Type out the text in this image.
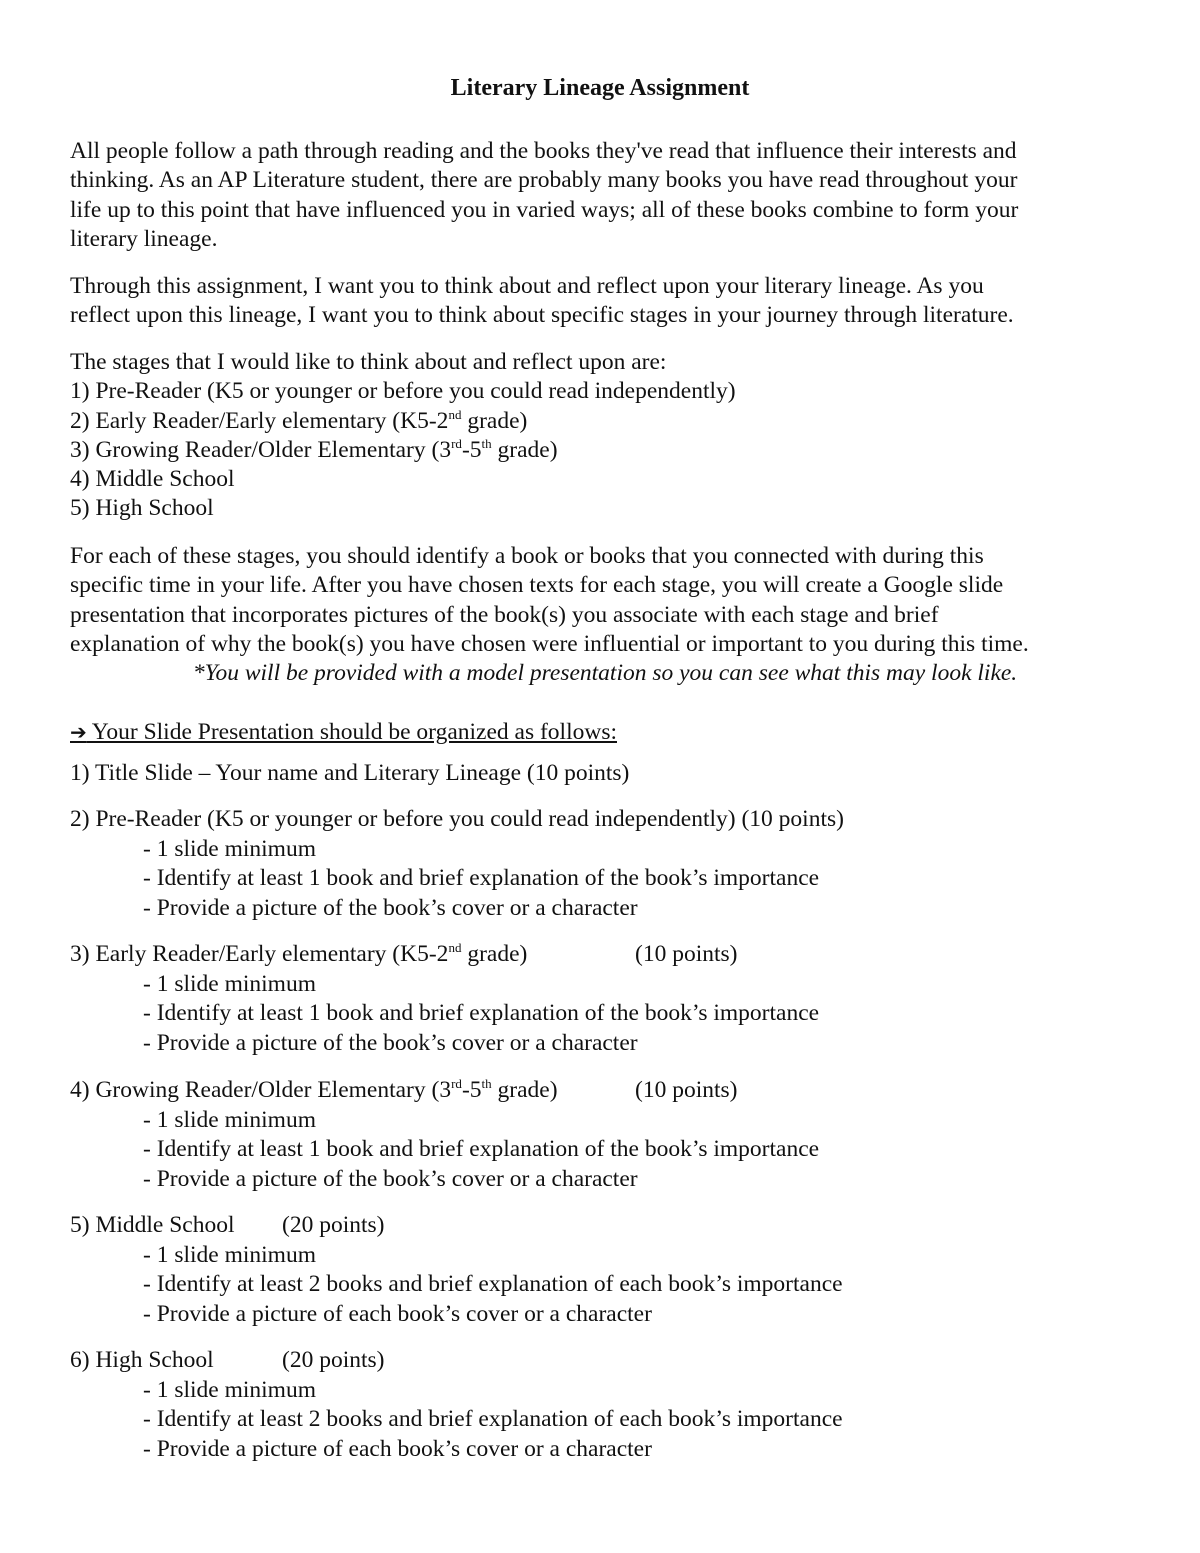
Literary Lineage Assignment
All people follow a path through reading and the books they've read that influence their interests and
thinking. As an AP Literature student, there are probably many books you have read throughout your
life up to this point that have influenced you in varied ways; all of these books combine to form your
literary lineage.
Through this assignment, I want you to think about and reflect upon your literary lineage. As you
reflect upon this lineage, I want you to think about specific stages in your journey through literature.
The stages that I would like to think about and reflect upon are:
1) Pre-Reader (K5 or younger or before you could read independently)
2) Early Reader/Early elementary (K5-2nd grade)
3) Growing Reader/Older Elementary (3rd-5th grade)
4) Middle School
5) High School
For each of these stages, you should identify a book or books that you connected with during this
specific time in your life. After you have chosen texts for each stage, you will create a Google slide
presentation that incorporates pictures of the book(s) you associate with each stage and brief
explanation of why the book(s) you have chosen were influential or important to you during this time.
*You will be provided with a model presentation so you can see what this may look like.
➔ Your Slide Presentation should be organized as follows:
1) Title Slide – Your name and Literary Lineage (10 points)
2) Pre-Reader (K5 or younger or before you could read independently) (10 points)
- 1 slide minimum
- Identify at least 1 book and brief explanation of the book’s importance
- Provide a picture of the book’s cover or a character
3) Early Reader/Early elementary (K5-2nd grade)	(10 points)
- 1 slide minimum
- Identify at least 1 book and brief explanation of the book’s importance
- Provide a picture of the book’s cover or a character
4) Growing Reader/Older Elementary (3rd-5th grade)	(10 points)
- 1 slide minimum
- Identify at least 1 book and brief explanation of the book’s importance
- Provide a picture of the book’s cover or a character
5) Middle School	(20 points)
- 1 slide minimum
- Identify at least 2 books and brief explanation of each book’s importance
- Provide a picture of each book’s cover or a character
6) High School	(20 points)
- 1 slide minimum
- Identify at least 2 books and brief explanation of each book’s importance
- Provide a picture of each book’s cover or a character
